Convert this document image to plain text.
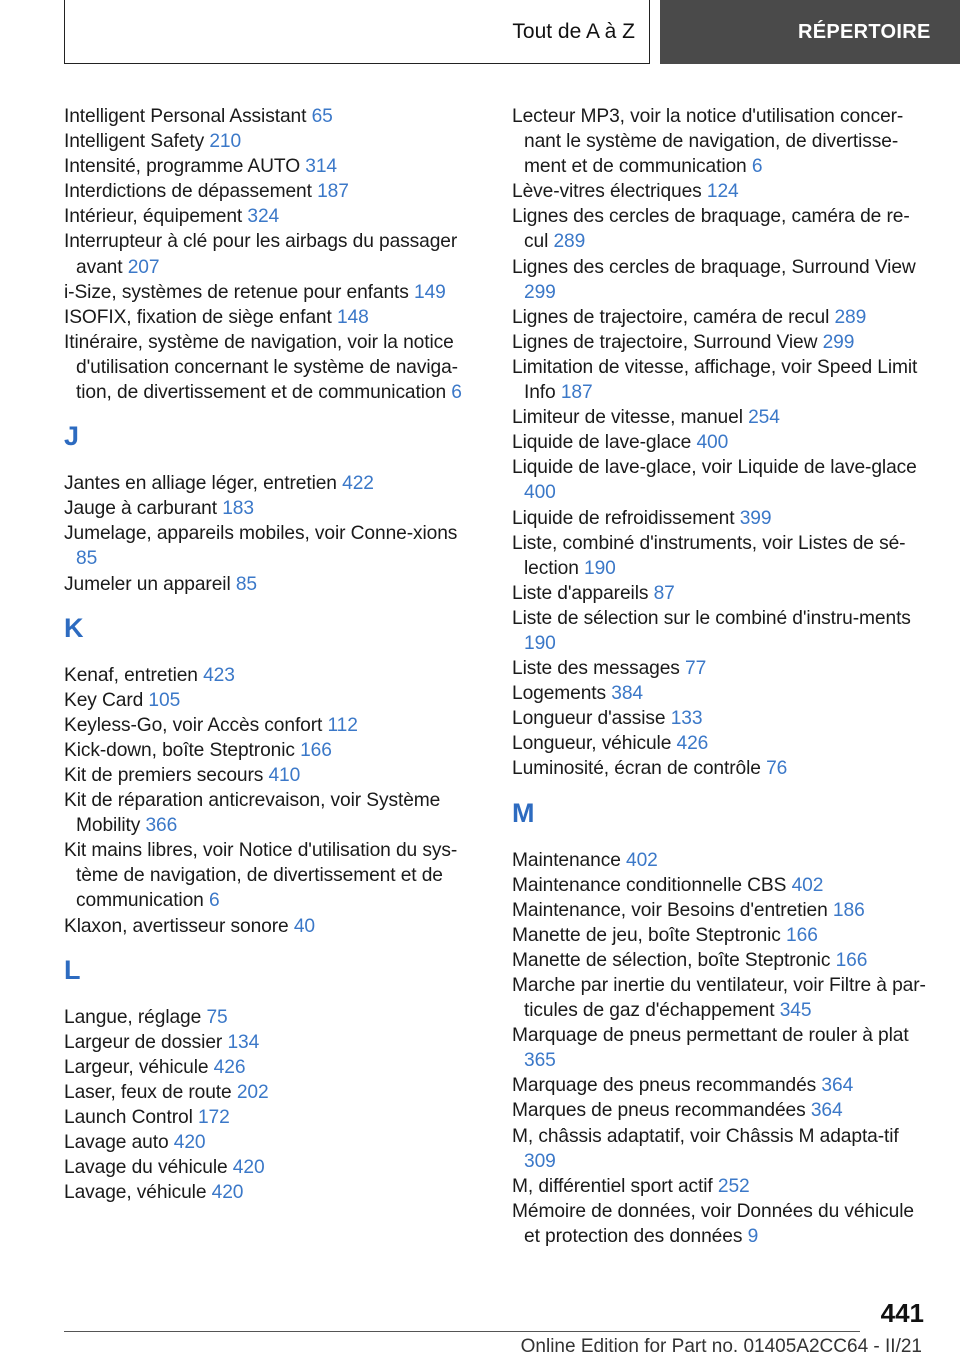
Tout de A à Z	RÉPERTOIRE
Intelligent Personal Assistant 65
Intelligent Safety 210
Intensité, programme AUTO 314
Interdictions de dépassement 187
Intérieur, équipement 324
Interrupteur à clé pour les airbags du passager avant 207
i-Size, systèmes de retenue pour enfants 149
ISOFIX, fixation de siège enfant 148
Itinéraire, système de navigation, voir la notice d'utilisation concernant le système de naviga-tion, de divertissement et de communication 6
J
Jantes en alliage léger, entretien 422
Jauge à carburant 183
Jumelage, appareils mobiles, voir Conne-xions 85
Jumeler un appareil 85
K
Kenaf, entretien 423
Key Card 105
Keyless-Go, voir Accès confort 112
Kick-down, boîte Steptronic 166
Kit de premiers secours 410
Kit de réparation anticrevaison, voir Système Mobility 366
Kit mains libres, voir Notice d'utilisation du sys-tème de navigation, de divertissement et de communication 6
Klaxon, avertisseur sonore 40
L
Langue, réglage 75
Largeur de dossier 134
Largeur, véhicule 426
Laser, feux de route 202
Launch Control 172
Lavage auto 420
Lavage du véhicule 420
Lavage, véhicule 420
Lecteur MP3, voir la notice d'utilisation concer-nant le système de navigation, de divertisse-ment et de communication 6
Lève-vitres électriques 124
Lignes des cercles de braquage, caméra de re-cul 289
Lignes des cercles de braquage, Surround View 299
Lignes de trajectoire, caméra de recul 289
Lignes de trajectoire, Surround View 299
Limitation de vitesse, affichage, voir Speed Limit Info 187
Limiteur de vitesse, manuel 254
Liquide de lave-glace 400
Liquide de lave-glace, voir Liquide de lave-glace 400
Liquide de refroidissement 399
Liste, combiné d'instruments, voir Listes de sé-lection 190
Liste d'appareils 87
Liste de sélection sur le combiné d'instru-ments 190
Liste des messages 77
Logements 384
Longueur d'assise 133
Longueur, véhicule 426
Luminosité, écran de contrôle 76
M
Maintenance 402
Maintenance conditionnelle CBS 402
Maintenance, voir Besoins d'entretien 186
Manette de jeu, boîte Steptronic 166
Manette de sélection, boîte Steptronic 166
Marche par inertie du ventilateur, voir Filtre à par-ticules de gaz d'échappement 345
Marquage de pneus permettant de rouler à plat 365
Marquage des pneus recommandés 364
Marques de pneus recommandées 364
M, châssis adaptatif, voir Châssis M adapta-tif 309
M, différentiel sport actif 252
Mémoire de données, voir Données du véhicule et protection des données 9
441
Online Edition for Part no. 01405A2CC64 - II/21
